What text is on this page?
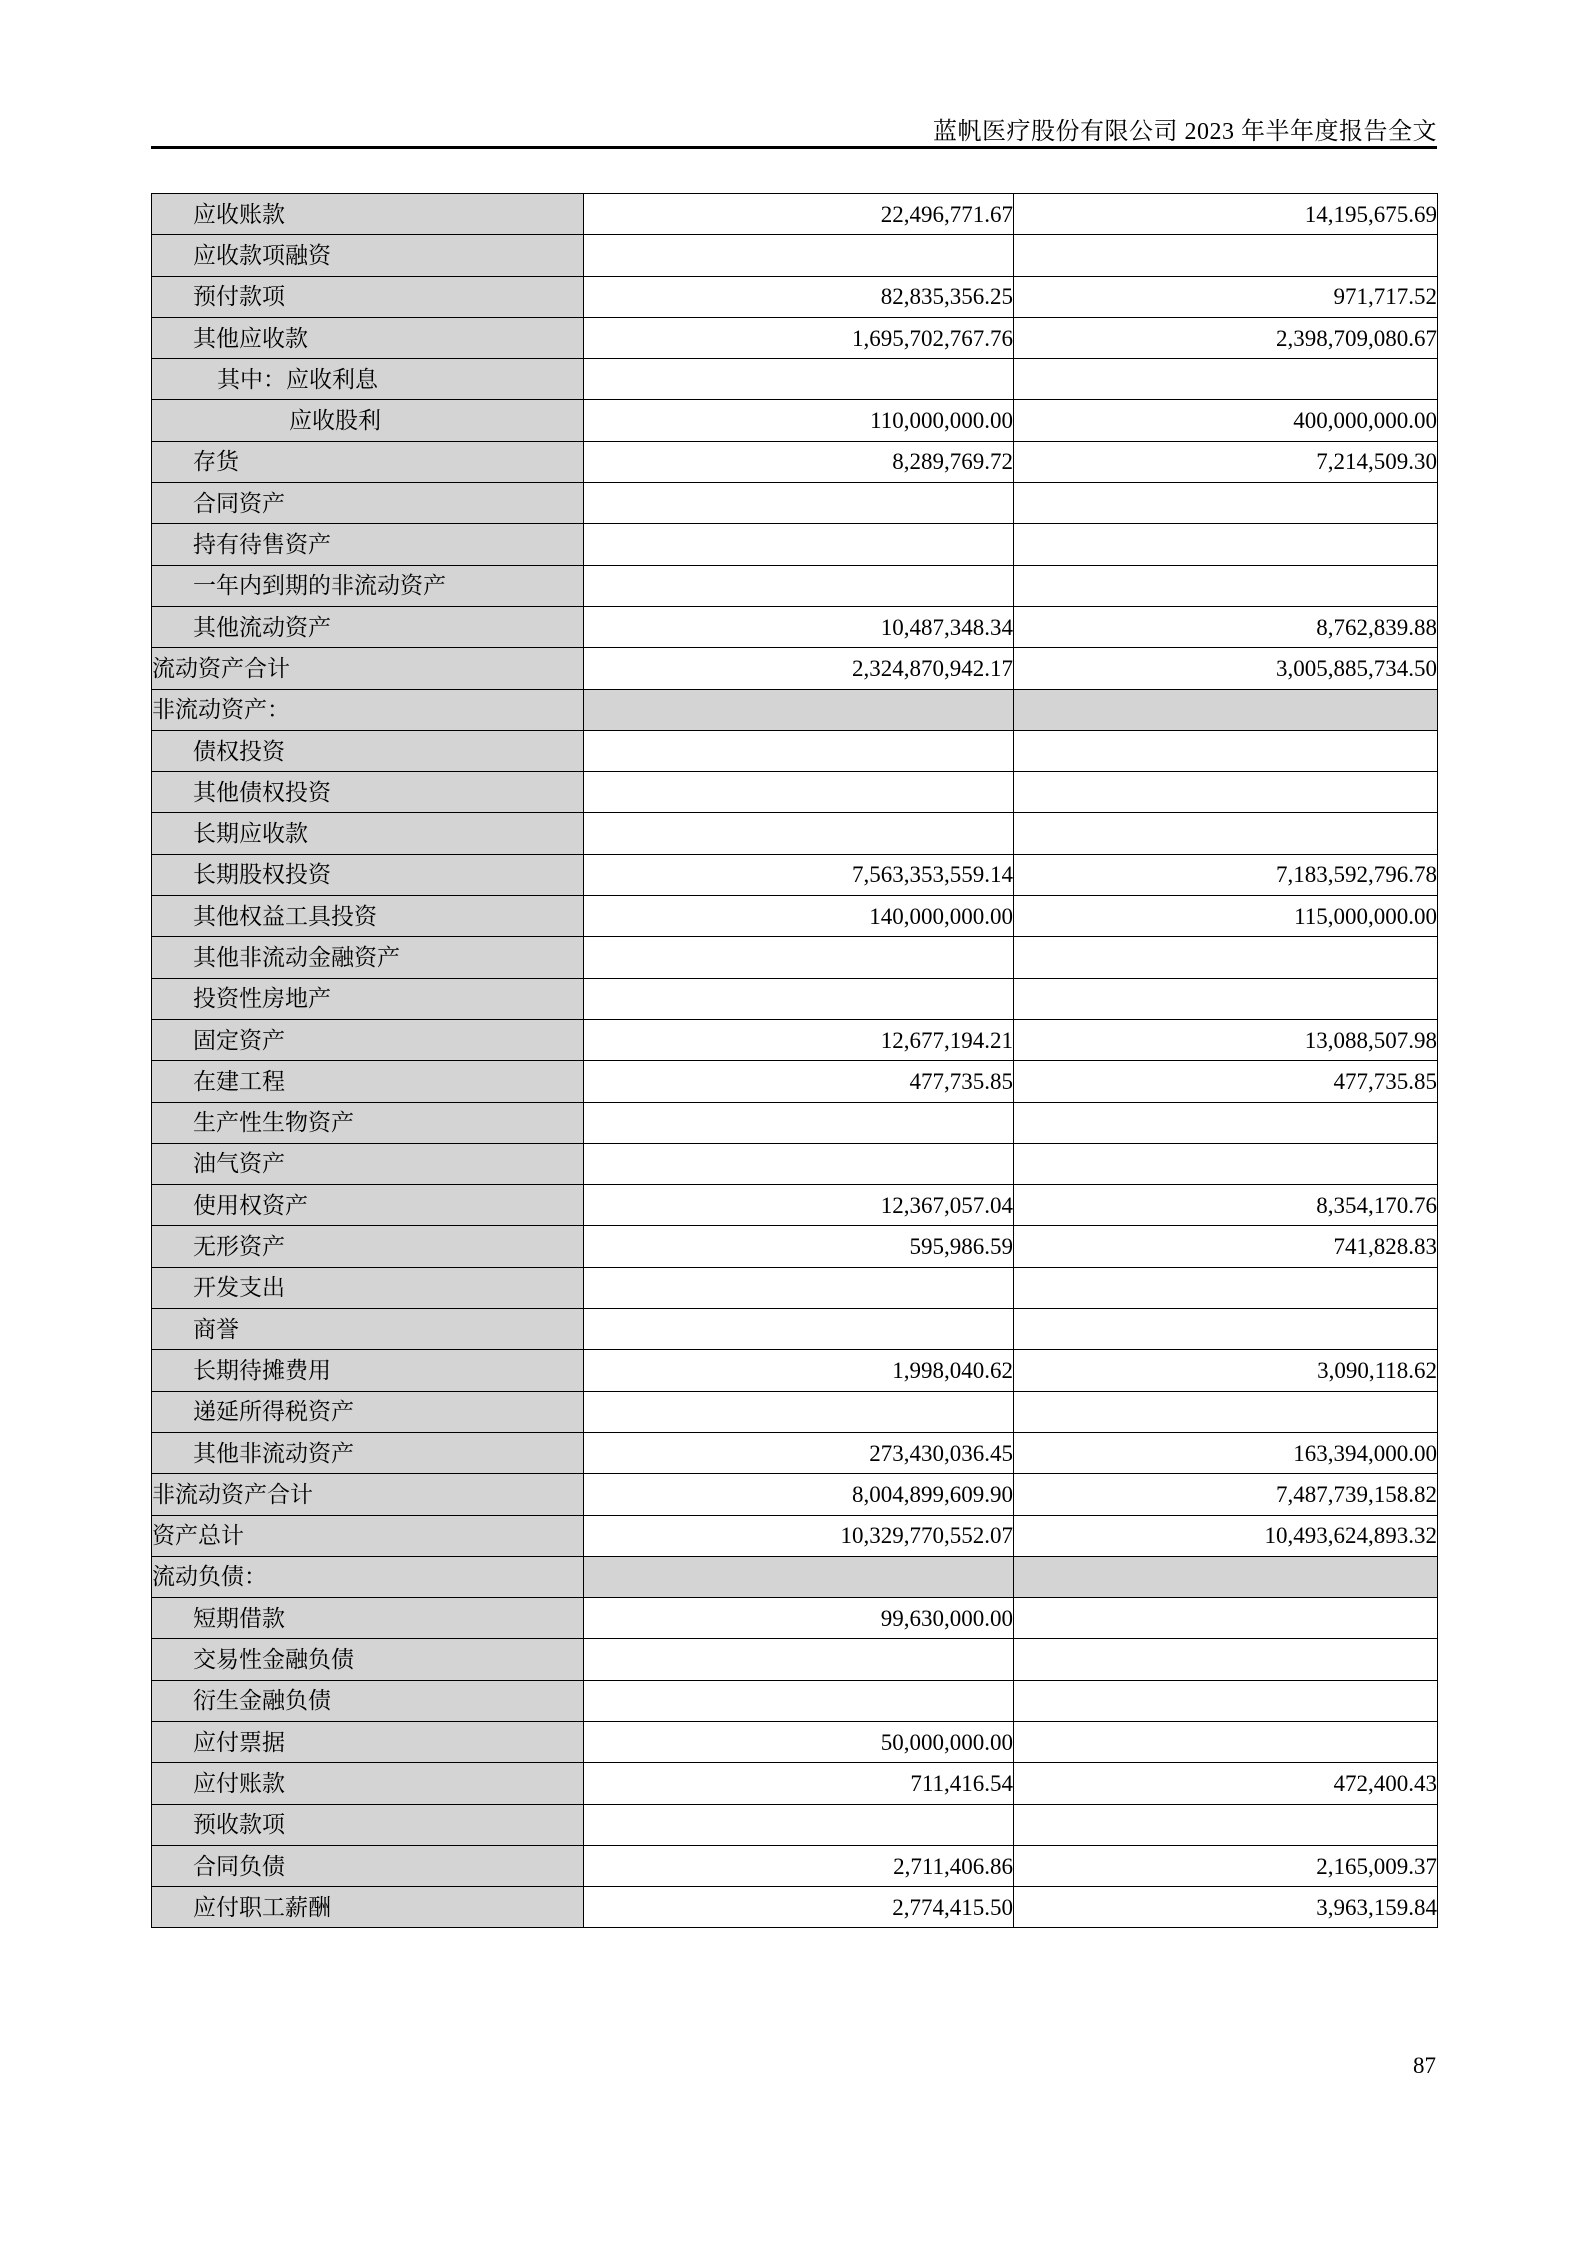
蓝帆医疗股份有限公司 2023 年半年度报告全文
应收账款	22,496,771.67	14,195,675.69
应收款项融资		
预付款项	82,835,356.25	971,717.52
其他应收款	1,695,702,767.76	2,398,709,080.67
其中：应收利息		
应收股利	110,000,000.00	400,000,000.00
存货	8,289,769.72	7,214,509.30
合同资产		
持有待售资产		
一年内到期的非流动资产		
其他流动资产	10,487,348.34	8,762,839.88
流动资产合计	2,324,870,942.17	3,005,885,734.50
非流动资产：		
债权投资		
其他债权投资		
长期应收款		
长期股权投资	7,563,353,559.14	7,183,592,796.78
其他权益工具投资	140,000,000.00	115,000,000.00
其他非流动金融资产		
投资性房地产		
固定资产	12,677,194.21	13,088,507.98
在建工程	477,735.85	477,735.85
生产性生物资产		
油气资产		
使用权资产	12,367,057.04	8,354,170.76
无形资产	595,986.59	741,828.83
开发支出		
商誉		
长期待摊费用	1,998,040.62	3,090,118.62
递延所得税资产		
其他非流动资产	273,430,036.45	163,394,000.00
非流动资产合计	8,004,899,609.90	7,487,739,158.82
资产总计	10,329,770,552.07	10,493,624,893.32
流动负债：		
短期借款	99,630,000.00	
交易性金融负债		
衍生金融负债		
应付票据	50,000,000.00	
应付账款	711,416.54	472,400.43
预收款项		
合同负债	2,711,406.86	2,165,009.37
应付职工薪酬	2,774,415.50	3,963,159.84
87
